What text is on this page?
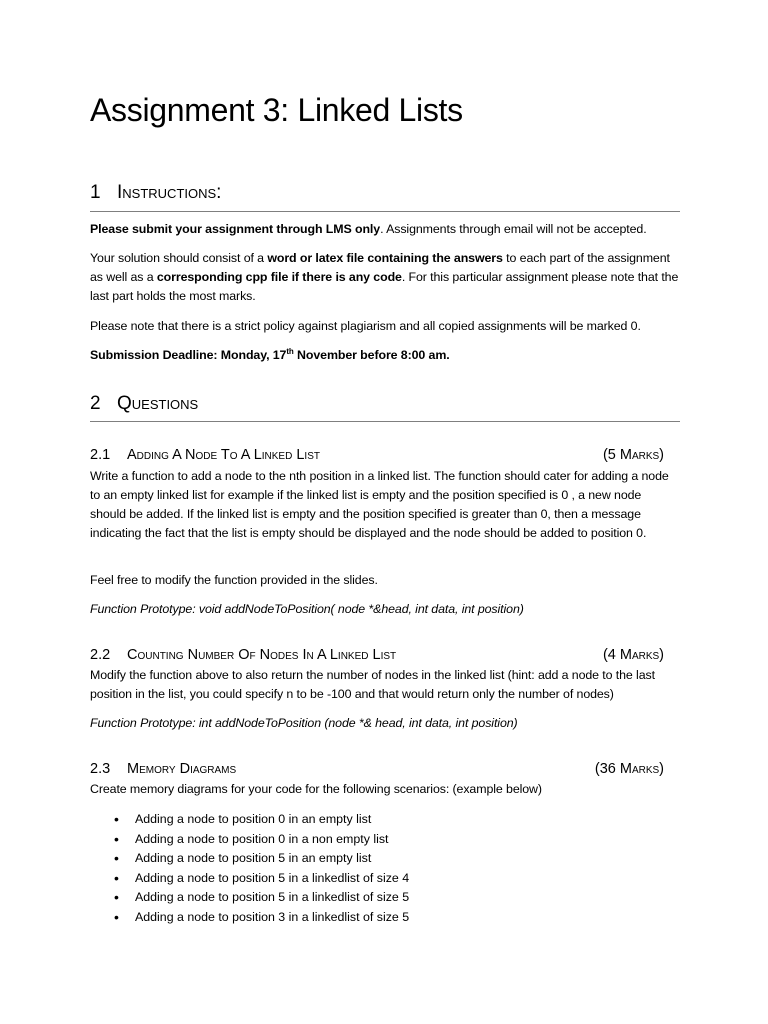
Assignment 3: Linked Lists
1 Instructions:
Please submit your assignment through LMS only. Assignments through email will not be accepted.
Your solution should consist of a word or latex file containing the answers to each part of the assignment as well as a corresponding cpp file if there is any code. For this particular assignment please note that the last part holds the most marks.
Please note that there is a strict policy against plagiarism and all copied assignments will be marked 0.
Submission Deadline: Monday, 17th November before 8:00 am.
2 Questions
2.1 Adding A Node To A Linked List	(5 Marks)
Write a function to add a node to the nth position in a linked list. The function should cater for adding a node to an empty linked list for example if the linked list is empty and the position specified is 0 , a new node should be added. If the linked list is empty and the position specified is greater than 0, then a message indicating the fact that the list is empty should be displayed and the node should be added to position 0.
Feel free to modify the function provided in the slides.
Function Prototype: void addNodeToPosition( node *&head, int data, int position)
2.2 Counting Number Of Nodes In A Linked List	(4 Marks)
Modify the function above to also return the number of nodes in the linked list (hint: add a node to the last position in the list, you could specify n to be -100 and that would return only the number of nodes)
Function Prototype: int addNodeToPosition (node *& head, int data, int position)
2.3 Memory Diagrams	(36 Marks)
Create memory diagrams for your code for the following scenarios: (example below)
• Adding a node to position 0 in an empty list
• Adding a node to position 0 in a non empty list
• Adding a node to position 5 in an empty list
• Adding a node to position 5 in a linkedlist of size 4
• Adding a node to position 5 in a linkedlist of size 5
• Adding a node to position 3 in a linkedlist of size 5
